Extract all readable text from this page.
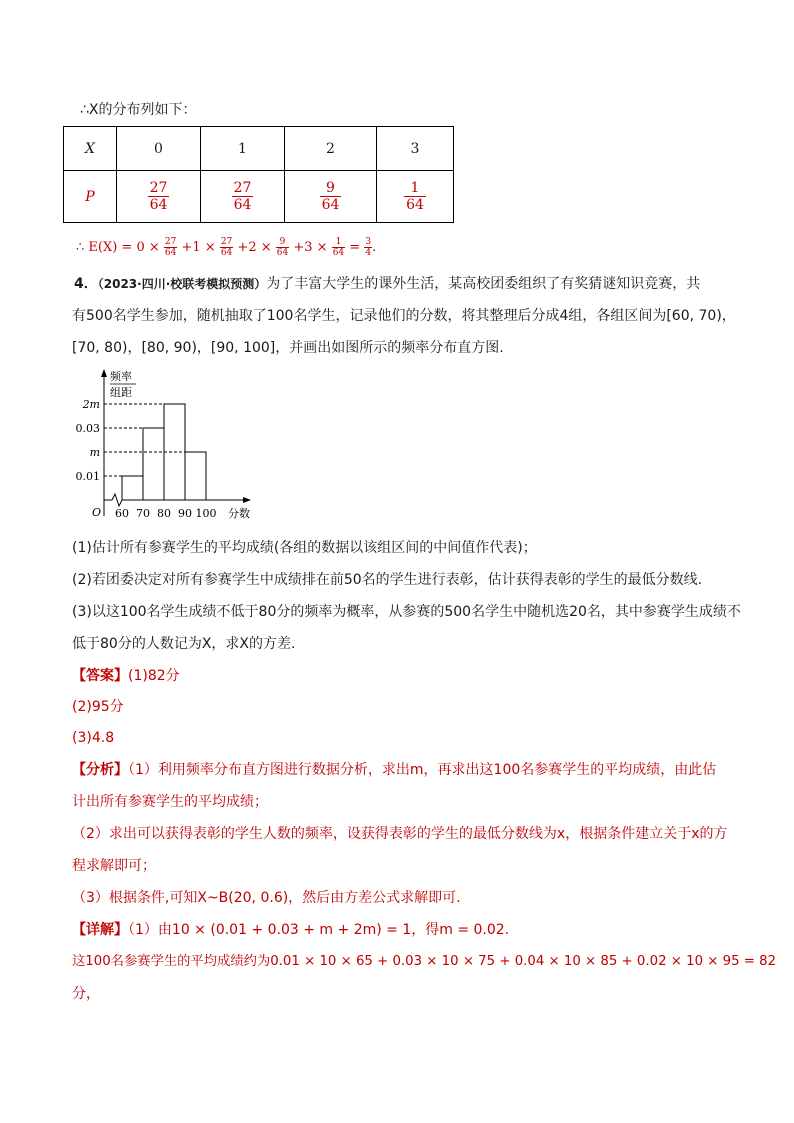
∴X的分布列如下：
X	0	1	2	3
P	$\frac{27}{64}$	$\frac{27}{64}$	$\frac{9}{64}$	$\frac{1}{64}$
∴ $E(X) = 0 \times \frac{27}{64} +1 \times \frac{27}{64} +2 \times \frac{9}{64} +3 \times \frac{1}{64} = \frac{3}{4}$ .
4．（2023·四川·校联考模拟预测）为了丰富大学生的课外生活，某高校团委组织了有奖猜谜知识竞赛，共
有500名学生参加，随机抽取了100名学生，记录他们的分数，将其整理后分成4组，各组区间为[60, 70)，
[70, 80)，[80, 90)，[90, 100]，并画出如图所示的频率分布直方图.
频率
组距
O	分数
0.01
m
0.03
2m
60 70 80 90 100
(1)估计所有参赛学生的平均成绩(各组的数据以该组区间的中间值作代表)；
(2)若团委决定对所有参赛学生中成绩排在前50名的学生进行表彰，估计获得表彰的学生的最低分数线.
(3)以这100名学生成绩不低于80分的频率为概率，从参赛的500名学生中随机选20名，其中参赛学生成绩不
低于80分的人数记为X，求X的方差.
【答案】(1)82分
(2)95分
(3)4.8
【分析】（1）利用频率分布直方图进行数据分析，求出m，再求出这100名参赛学生的平均成绩，由此估
计出所有参赛学生的平均成绩；
（2）求出可以获得表彰的学生人数的频率，设获得表彰的学生的最低分数线为x，根据条件建立关于x的方
程求解即可；
（3）根据条件,可知X~B(20, 0.6)，然后由方差公式求解即可.
【详解】（1）由10 × (0.01 + 0.03 + m + 2m) = 1，得m = 0.02.
这100名参赛学生的平均成绩约为0.01 × 10 × 65 + 0.03 × 10 × 75 + 0.04 × 10 × 85 + 0.02 × 10 × 95 = 82
分，
